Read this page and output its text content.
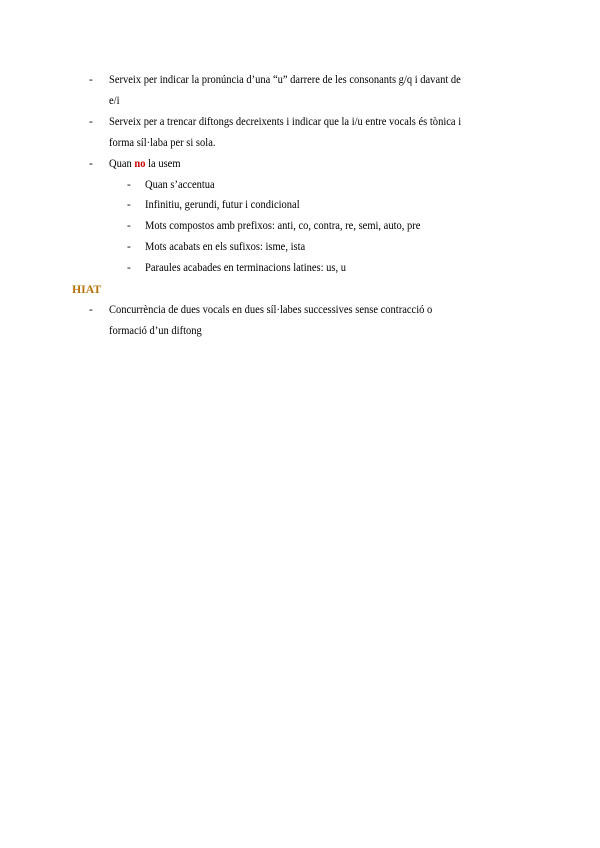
- Serveix per indicar la pronúncia d’una “u” darrere de les consonants g/q i davant de
e/i
- Serveix per a trencar diftongs decreixents i indicar que la i/u entre vocals és tònica i
forma síl·laba per si sola.
- Quan no la usem
- Quan s’accentua
- Infinitiu, gerundi, futur i condicional
- Mots compostos amb prefixos: anti, co, contra, re, semi, auto, pre
- Mots acabats en els sufixos: isme, ista
- Paraules acabades en terminacions latines: us, u
HIAT
- Concurrència de dues vocals en dues síl·labes successives sense contracció o
formació d’un diftong
